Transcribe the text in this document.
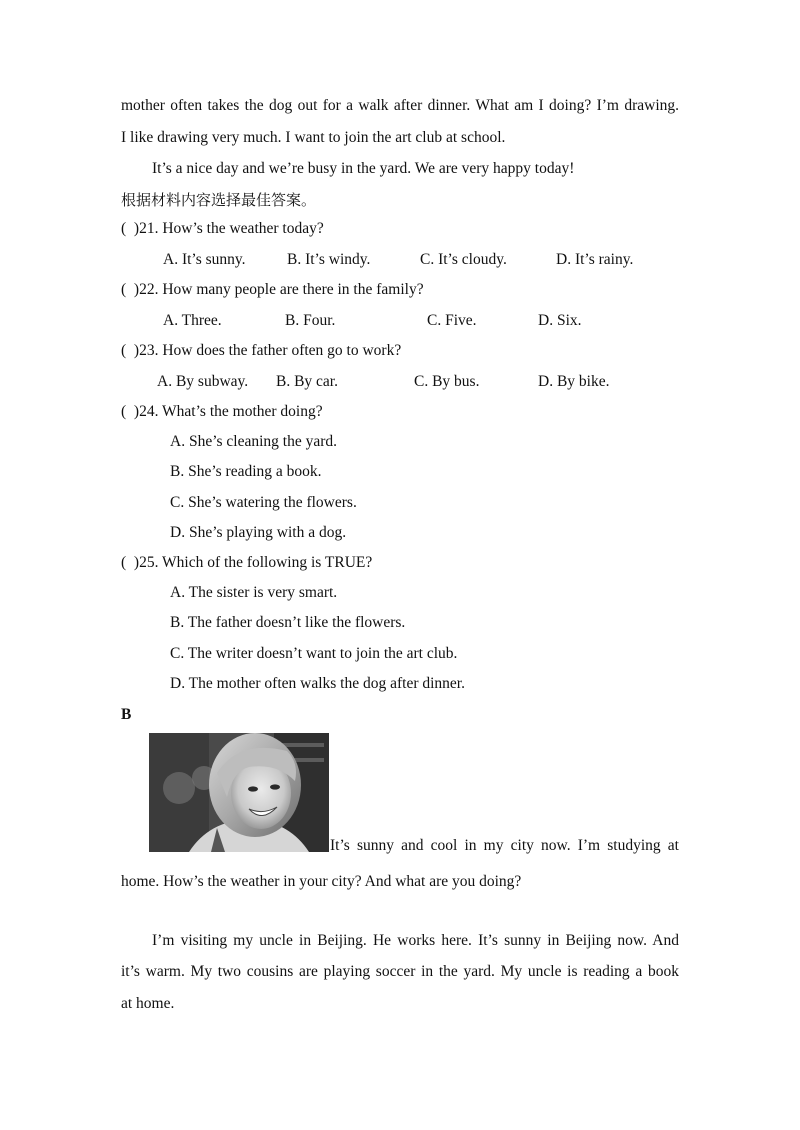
mother often takes the dog out for a walk after dinner. What am I doing? I’m drawing.
I like drawing very much. I want to join the art club at school.
It’s a nice day and we’re busy in the yard. We are very happy today!
根据材料内容选择最佳答案。
(  )21. How’s the weather today?
A. It’s sunny.	B. It’s windy.	C. It’s cloudy.	D. It’s rainy.
(  )22. How many people are there in the family?
A. Three.	B. Four.	C. Five.	D. Six.
(  )23. How does the father often go to work?
A. By subway. B. By car.	C. By bus.	D. By bike.
(  )24. What’s the mother doing?
A. She’s cleaning the yard.
B. She’s reading a book.
C. She’s watering the flowers.
D. She’s playing with a dog.
(  )25. Which of the following is TRUE?
A. The sister is very smart.
B. The father doesn’t like the flowers.
C. The writer doesn’t want to join the art club.
D. The mother often walks the dog after dinner.
B
It’s sunny and cool in my city now. I’m studying at
home. How’s the weather in your city? And what are you doing?
I’m visiting my uncle in Beijing. He works here. It’s sunny in Beijing now. And
it’s warm. My two cousins are playing soccer in the yard. My uncle is reading a book
at home.
